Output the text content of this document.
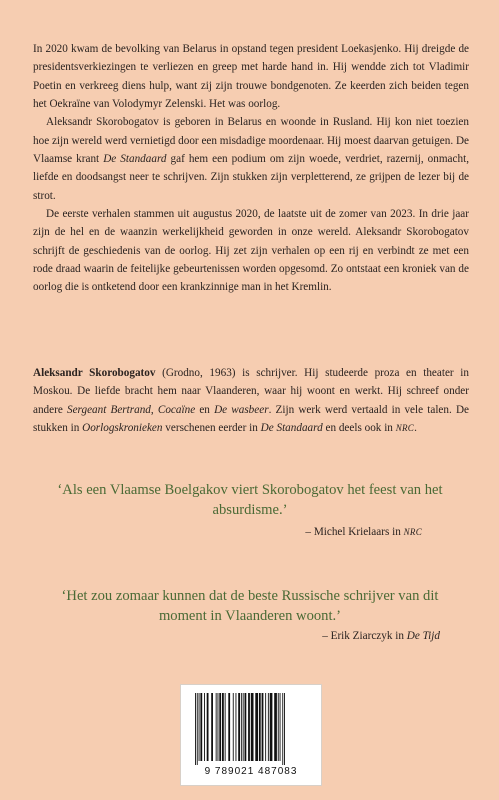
In 2020 kwam de bevolking van Belarus in opstand tegen president Loekasjenko. Hij dreigde de presidentsverkiezingen te verliezen en greep met harde hand in. Hij wendde zich tot Vladimir Poetin en verkreeg diens hulp, want zij zijn trouwe bondgenoten. Ze keerden zich beiden tegen het Oekraïne van Volodymyr Zelenski. Het was oorlog.

Aleksandr Skorobogatov is geboren in Belarus en woonde in Rusland. Hij kon niet toezien hoe zijn wereld werd vernietigd door een misdadige moordenaar. Hij moest daarvan getuigen. De Vlaamse krant De Standaard gaf hem een podium om zijn woede, verdriet, razernij, onmacht, liefde en doodsangst neer te schrijven. Zijn stukken zijn verpletterend, ze grijpen de lezer bij de strot.

De eerste verhalen stammen uit augustus 2020, de laatste uit de zomer van 2023. In drie jaar zijn de hel en de waanzin werkelijkheid geworden in onze wereld. Aleksandr Skorobogatov schrijft de geschiedenis van de oorlog. Hij zet zijn verhalen op een rij en verbindt ze met een rode draad waarin de feitelijke gebeurtenissen worden opgesomd. Zo ontstaat een kroniek van de oorlog die is ontketend door een krankzinnige man in het Kremlin.

Aleksandr Skorobogatov (Grodno, 1963) is schrijver. Hij studeerde proza en theater in Moskou. De liefde bracht hem naar Vlaanderen, waar hij woont en werkt. Hij schreef onder andere Sergeant Bertrand, Cocaïne en De wasbeer. Zijn werk werd vertaald in vele talen. De stukken in Oorlogskronieken verschenen eerder in De Standaard en deels ook in NRC.
‘Als een Vlaamse Boelgakov viert Skorobogatov het feest van het absurdisme.’
– Michel Krielaars in NRC
‘Het zou zomaar kunnen dat de beste Russische schrijver van dit moment in Vlaanderen woont.’
– Erik Ziarczyk in De Tijd
9 789021 487083
